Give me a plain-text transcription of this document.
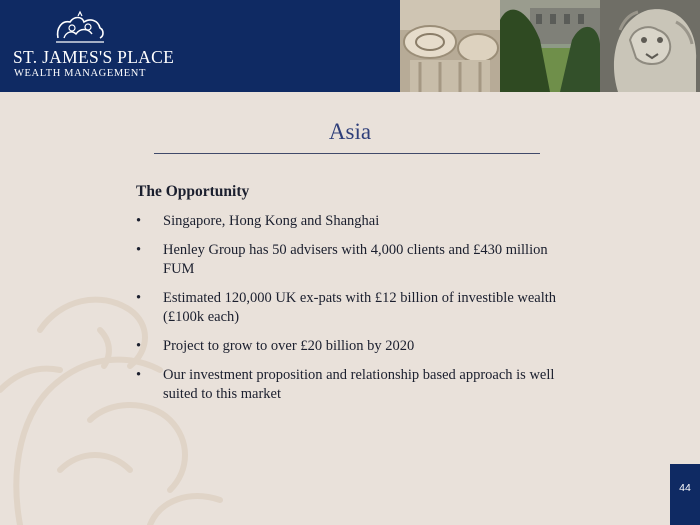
ST. JAMES'S PLACE
WEALTH MANAGEMENT
Asia
The Opportunity
• Singapore, Hong Kong and Shanghai
• Henley Group has 50 advisers with 4,000 clients and £430 million FUM
• Estimated 120,000 UK ex-pats with £12 billion of investible wealth (£100k each)
• Project to grow to over £20 billion by 2020
• Our investment proposition and relationship based approach is well suited to this market
44
